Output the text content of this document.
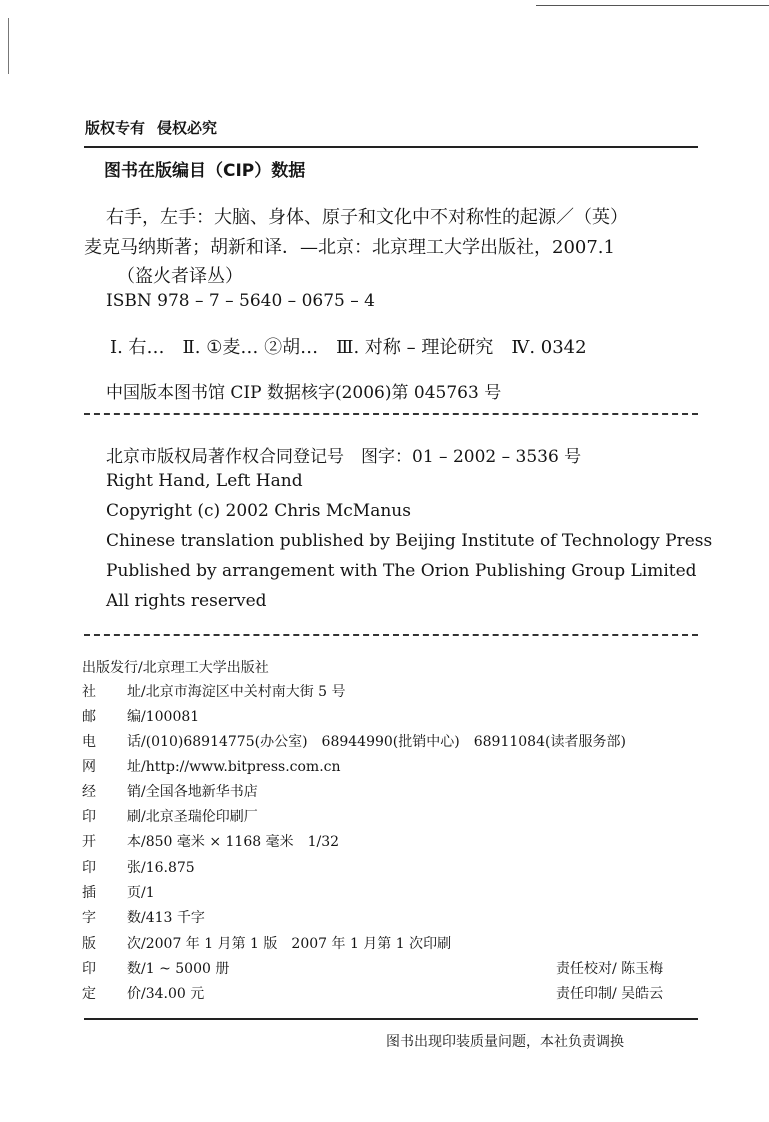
版权专有 侵权必究
图书在版编目（CIP）数据
右手，左手：大脑、身体、原子和文化中不对称性的起源／（英）
麦克马纳斯著；胡新和译．—北京：北京理工大学出版社，2007.1
（盗火者译丛）
ISBN 978 – 7 – 5640 – 0675 – 4
Ⅰ. 右…　Ⅱ. ①麦… ②胡…　Ⅲ. 对称 – 理论研究　Ⅳ. 0342
中国版本图书馆 CIP 数据核字(2006)第 045763 号
北京市版权局著作权合同登记号　图字：01 – 2002 – 3536 号
Right Hand, Left Hand
Copyright (c) 2002 Chris McManus
Chinese translation published by Beijing Institute of Technology Press
Published by arrangement with The Orion Publishing Group Limited
All rights reserved
出版发行/北京理工大学出版社
社 址/北京市海淀区中关村南大街 5 号
邮 编/100081
电 话/(010)68914775(办公室)　68944990(批销中心)　68911084(读者服务部)
网 址/http://www.bitpress.com.cn
经 销/全国各地新华书店
印 刷/北京圣瑞伦印刷厂
开 本/850 毫米 × 1168 毫米　1/32
印 张/16.875
插 页/1
字 数/413 千字
版 次/2007 年 1 月第 1 版　2007 年 1 月第 1 次印刷
印 数/1 ~ 5000 册
定 价/34.00 元
责任校对/ 陈玉梅
责任印制/ 吴皓云
图书出现印装质量问题，本社负责调换
